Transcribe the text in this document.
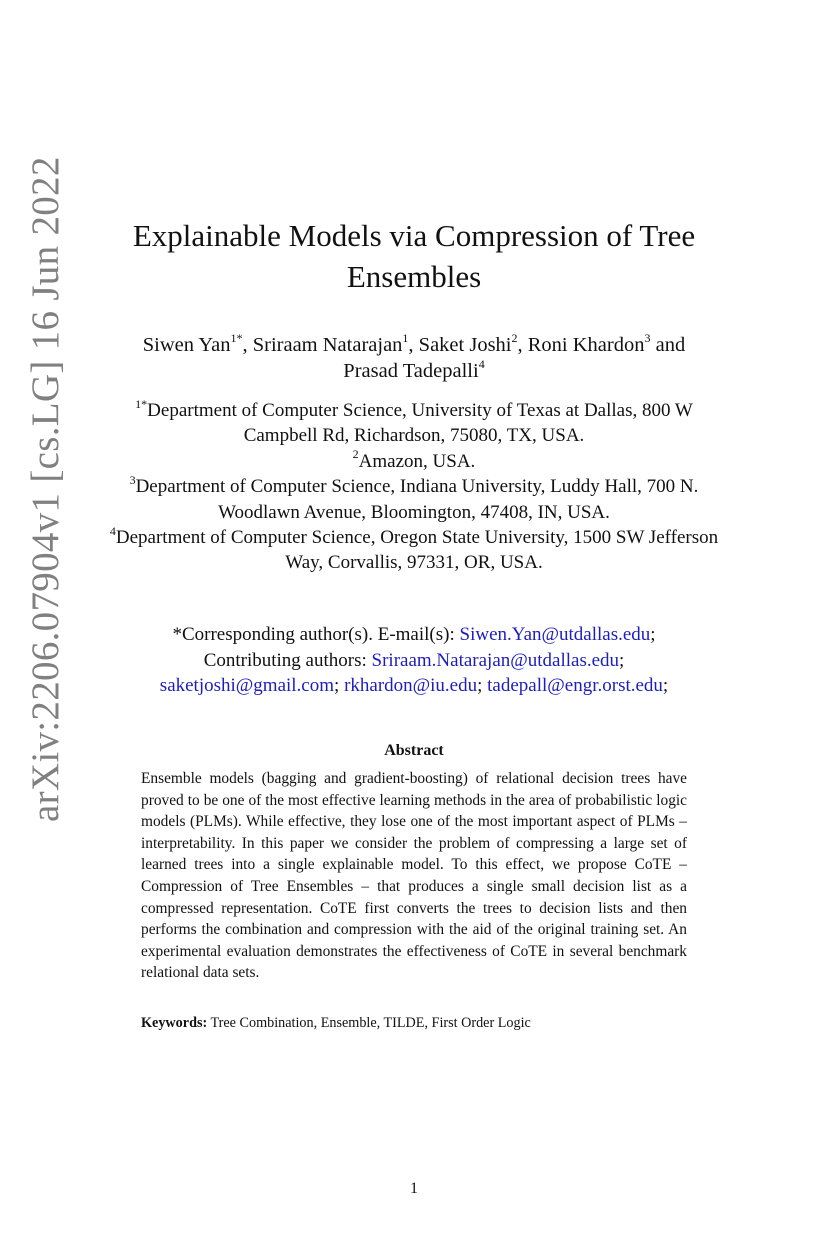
arXiv:2206.07904v1 [cs.LG] 16 Jun 2022	Explainable Models via Compression of Tree
Ensembles
Siwen Yan$^{1*}$, Sriraam Natarajan$^1$, Saket Joshi$^2$, Roni Khardon$^3$ and Prasad Tadepalli$^4$
$^{1*}$Department of Computer Science, University of Texas at Dallas, 800 W Campbell Rd, Richardson, 75080, TX, USA.
$^2$Amazon, USA.
$^3$Department of Computer Science, Indiana University, Luddy Hall, 700 N. Woodlawn Avenue, Bloomington, 47408, IN, USA.
$^4$Department of Computer Science, Oregon State University, 1500 SW Jefferson Way, Corvallis, 97331, OR, USA.
*Corresponding author(s). E-mail(s): Siwen.Yan@utdallas.edu;
Contributing authors: Sriraam.Natarajan@utdallas.edu;
saketjoshi@gmail.com; rkhardon@iu.edu; tadepall@engr.orst.edu;
Abstract
Ensemble models (bagging and gradient-boosting) of relational decision trees have proved to be one of the most effective learning methods in the area of probabilistic logic models (PLMs). While effective, they lose one of the most important aspect of PLMs – interpretability. In this paper we consider the problem of compressing a large set of learned trees into a single explainable model. To this effect, we propose CoTE – Compression of Tree Ensembles – that produces a single small decision list as a compressed representation. CoTE first converts the trees to decision lists and then performs the combination and compression with the aid of the original training set. An experimental evaluation demonstrates the effectiveness of CoTE in several benchmark relational data sets.
Keywords: Tree Combination, Ensemble, TILDE, First Order Logic
1
